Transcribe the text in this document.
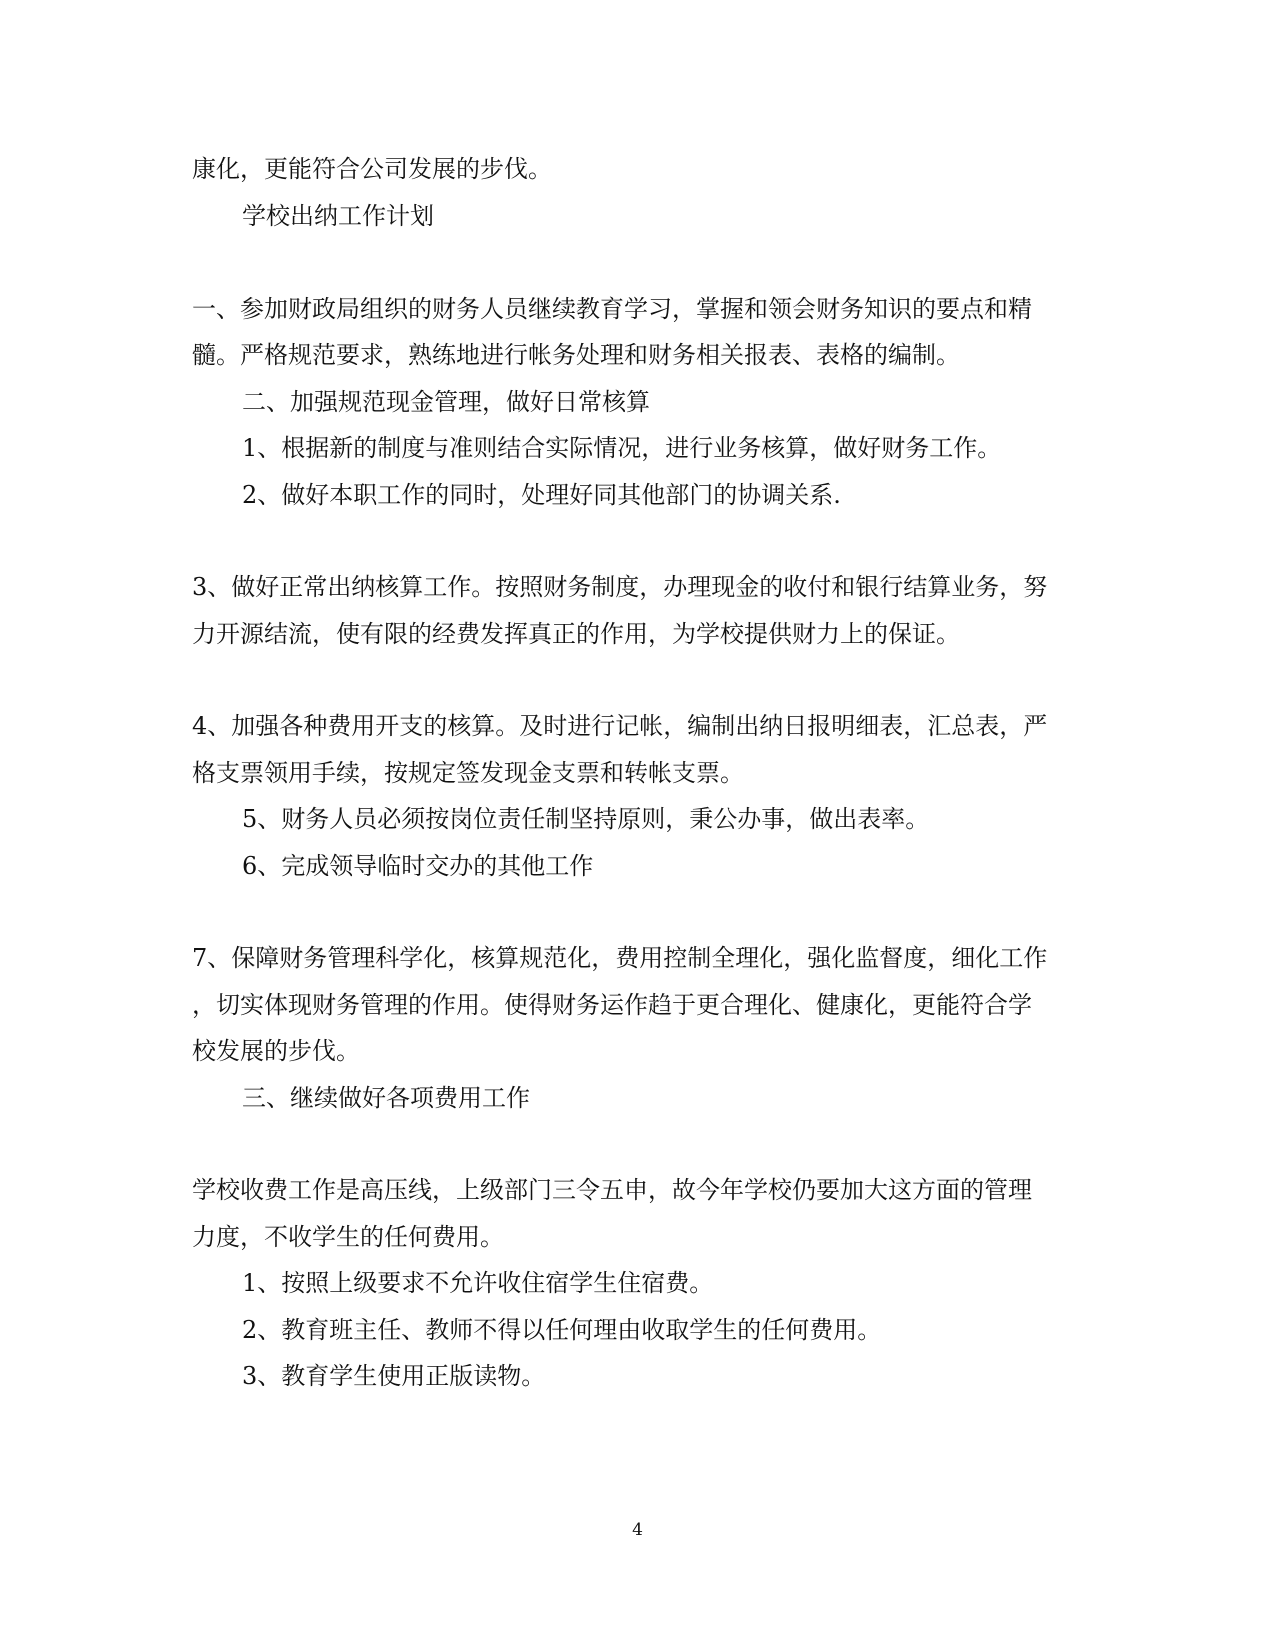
康化，更能符合公司发展的步伐。
学校出纳工作计划
一、参加财政局组织的财务人员继续教育学习，掌握和领会财务知识的要点和精
髓。严格规范要求，熟练地进行帐务处理和财务相关报表、表格的编制。
二、加强规范现金管理，做好日常核算
1、根据新的制度与准则结合实际情况，进行业务核算，做好财务工作。
2、做好本职工作的同时，处理好同其他部门的协调关系.
3、做好正常出纳核算工作。按照财务制度，办理现金的收付和银行结算业务，努
力开源结流，使有限的经费发挥真正的作用，为学校提供财力上的保证。
4、加强各种费用开支的核算。及时进行记帐，编制出纳日报明细表，汇总表，严
格支票领用手续，按规定签发现金支票和转帐支票。
5、财务人员必须按岗位责任制坚持原则，秉公办事，做出表率。
6、完成领导临时交办的其他工作
7、保障财务管理科学化，核算规范化，费用控制全理化，强化监督度，细化工作
，切实体现财务管理的作用。使得财务运作趋于更合理化、健康化，更能符合学
校发展的步伐。
三、继续做好各项费用工作
学校收费工作是高压线，上级部门三令五申，故今年学校仍要加大这方面的管理
力度，不收学生的任何费用。
1、按照上级要求不允许收住宿学生住宿费。
2、教育班主任、教师不得以任何理由收取学生的任何费用。
3、教育学生使用正版读物。
4
